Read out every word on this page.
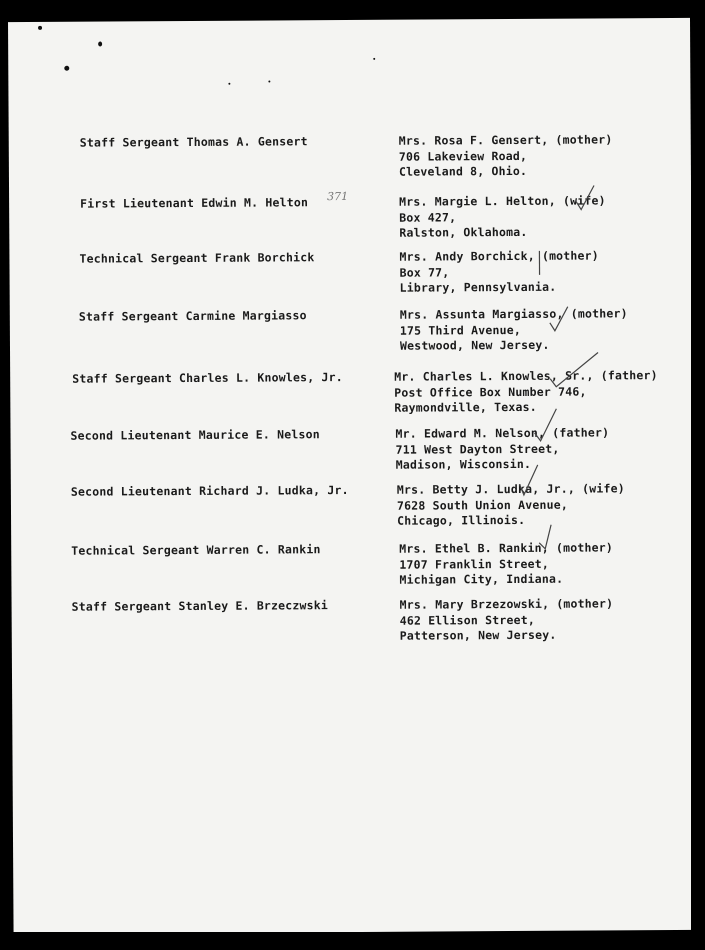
371
Staff Sergeant Thomas A. Gensert	Mrs. Rosa F. Gensert, (mother)
706 Lakeview Road,
Cleveland 8, Ohio.
First Lieutenant Edwin M. Helton	Mrs. Margie L. Helton, (wife)
Box 427,
Ralston, Oklahoma.
Technical Sergeant Frank Borchick	Mrs. Andy Borchick, (mother)
Box 77,
Library, Pennsylvania.
Staff Sergeant Carmine Margiasso	Mrs. Assunta Margiasso, (mother)
175 Third Avenue,
Westwood, New Jersey.
Staff Sergeant Charles L. Knowles, Jr.	Mr. Charles L. Knowles, Sr., (father)
Post Office Box Number 746,
Raymondville, Texas.
Second Lieutenant Maurice E. Nelson	Mr. Edward M. Nelson, (father)
711 West Dayton Street,
Madison, Wisconsin.
Second Lieutenant Richard J. Ludka, Jr.	Mrs. Betty J. Ludka, Jr., (wife)
7628 South Union Avenue,
Chicago, Illinois.
Technical Sergeant Warren C. Rankin	Mrs. Ethel B. Rankin, (mother)
1707 Franklin Street,
Michigan City, Indiana.
Staff Sergeant Stanley E. Brzeczwski	Mrs. Mary Brzezowski, (mother)
462 Ellison Street,
Patterson, New Jersey.
